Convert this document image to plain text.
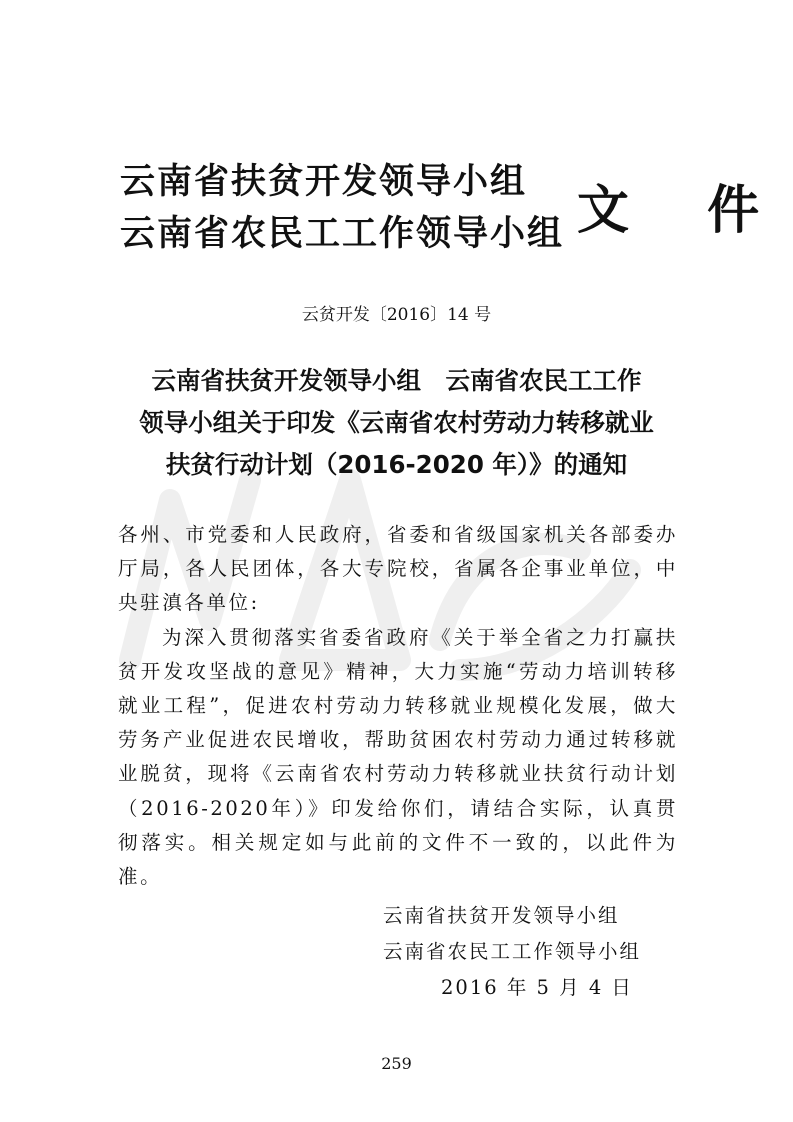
云南省扶贫开发领导小组
云南省农民工工作领导小组 文 件
云贫开发〔2016〕14 号
云南省扶贫开发领导小组　云南省农民工工作
领导小组关于印发《云南省农村劳动力转移就业
扶贫行动计划（2016-2020 年）》的通知

各州、市党委和人民政府，省委和省级国家机关各部委办厅局，各人民团体，各大专院校，省属各企事业单位，中央驻滇各单位:

为深入贯彻落实省委省政府《关于举全省之力打赢扶贫开发攻坚战的意见》精神，大力实施“劳动力培训转移就业工程”，促进农村劳动力转移就业规模化发展，做大劳务产业促进农民增收，帮助贫困农村劳动力通过转移就业脱贫，现将《云南省农村劳动力转移就业扶贫行动计划（2016-2020年）》印发给你们，请结合实际，认真贯彻落实。相关规定如与此前的文件不一致的，以此件为准。

云南省扶贫开发领导小组
云南省农民工工作领导小组
2016 年 5 月 4 日
259
